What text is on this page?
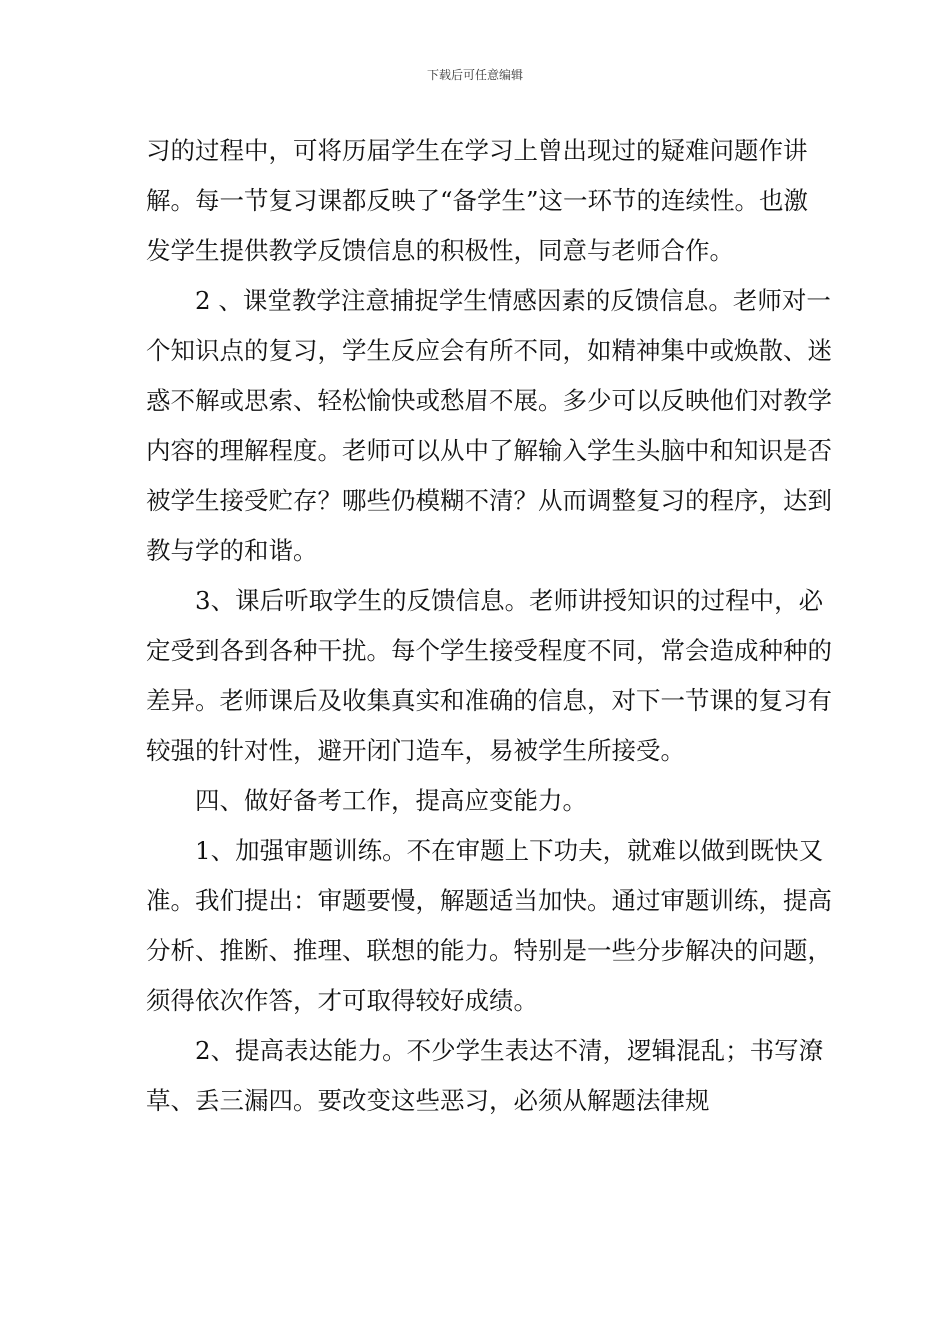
下载后可任意编辑

习的过程中，可将历届学生在学习上曾出现过的疑难问题作讲解。每一节复习课都反映了“备学生”这一环节的连续性。也激发学生提供教学反馈信息的积极性，同意与老师合作。

2 、课堂教学注意捕捉学生情感因素的反馈信息。老师对一个知识点的复习，学生反应会有所不同，如精神集中或焕散、迷惑不解或思索、轻松愉快或愁眉不展。多少可以反映他们对教学内容的理解程度。老师可以从中了解输入学生头脑中和知识是否被学生接受贮存？哪些仍模糊不清？从而调整复习的程序，达到教与学的和谐。

3、课后听取学生的反馈信息。老师讲授知识的过程中，必定受到各到各种干扰。每个学生接受程度不同，常会造成种种的差异。老师课后及收集真实和准确的信息，对下一节课的复习有较强的针对性，避开闭门造车，易被学生所接受。

四、做好备考工作，提高应变能力。

1、加强审题训练。不在审题上下功夫，就难以做到既快又准。我们提出：审题要慢，解题适当加快。通过审题训练，提高分析、推断、推理、联想的能力。特别是一些分步解决的问题，须得依次作答，才可取得较好成绩。

2、提高表达能力。不少学生表达不清，逻辑混乱；书写潦草、丢三漏四。要改变这些恶习，必须从解题法律规
